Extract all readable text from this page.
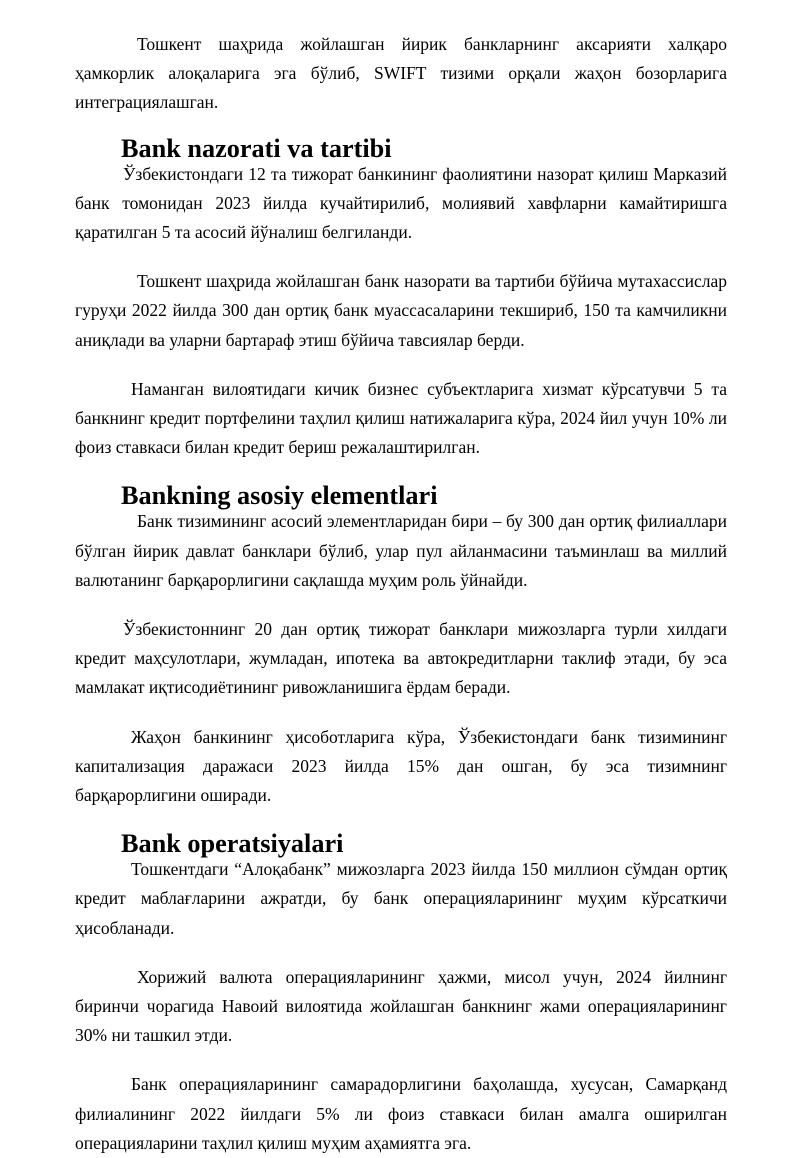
Тошкент шаҳрида жойлашган йирик банкларнинг аксарияти халқаро ҳамкорлик алоқаларига эга бўлиб, SWIFT тизими орқали жаҳон бозорларига интеграциялашган.

Bank nazorati va tartibi

Ўзбекистондаги 12 та тижорат банкининг фаолиятини назорат қилиш Марказий банк томонидан 2023 йилда кучайтирилиб, молиявий хавфларни камайтиришга қаратилган 5 та асосий йўналиш белгиланди.

Тошкент шаҳрида жойлашган банк назорати ва тартиби бўйича мутахассислар гуруҳи 2022 йилда 300 дан ортиқ банк муассасаларини текшириб, 150 та камчиликни аниқлади ва уларни бартараф этиш бўйича тавсиялар берди.

Наманган вилоятидаги кичик бизнес субъектларига хизмат кўрсатувчи 5 та банкнинг кредит портфелини таҳлил қилиш натижаларига кўра, 2024 йил учун 10% ли фоиз ставкаси билан кредит бериш режалаштирилган.

Bankning asosiy elementlari

Банк тизимининг асосий элементларидан бири – бу 300 дан ортиқ филиаллари бўлган йирик давлат банклари бўлиб, улар пул айланмасини таъминлаш ва миллий валютанинг барқарорлигини сақлашда муҳим роль ўйнайди.

Ўзбекистоннинг 20 дан ортиқ тижорат банклари мижозларга турли хилдаги кредит маҳсулотлари, жумладан, ипотека ва автокредитларни таклиф этади, бу эса мамлакат иқтисодиётининг ривожланишига ёрдам беради.

Жаҳон банкининг ҳисоботларига кўра, Ўзбекистондаги банк тизимининг капитализация даражаси 2023 йилда 15% дан ошган, бу эса тизимнинг барқарорлигини оширади.

Bank operatsiyalari

Тошкентдаги “Алоқабанк” мижозларга 2023 йилда 150 миллион сўмдан ортиқ кредит маблағларини ажратди, бу банк операцияларининг муҳим кўрсаткичи ҳисобланади.

Хорижий валюта операцияларининг ҳажми, мисол учун, 2024 йилнинг биринчи чорагида Навоий вилоятида жойлашган банкнинг жами операцияларининг 30% ни ташкил этди.

Банк операцияларининг самарадорлигини баҳолашда, хусусан, Самарқанд филиалининг 2022 йилдаги 5% ли фоиз ставкаси билан амалга оширилган операцияларини таҳлил қилиш муҳим аҳамиятга эга.
